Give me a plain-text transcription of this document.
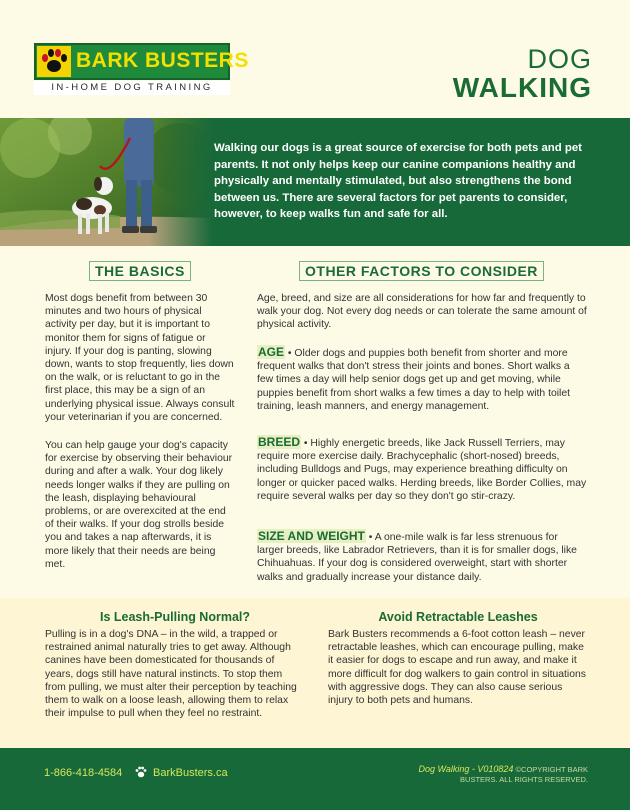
BARK BUSTERS
IN-HOME DOG TRAINING
DOG
WALKING
Walking our dogs is a great source of exercise for both pets and pet parents. It not only helps keep our canine companions healthy and physically and mentally stimulated, but also strengthens the bond between us. There are several factors for pet parents to consider, however, to keep walks fun and safe for all.
THE BASICS
Most dogs benefit from between 30 minutes and two hours of physical activity per day, but it is important to monitor them for signs of fatigue or injury. If your dog is panting, slowing down, wants to stop frequently, lies down on the walk, or is reluctant to go in the first place, this may be a sign of an underlying physical issue. Always consult your veterinarian if you are concerned.
You can help gauge your dog's capacity for exercise by observing their behaviour during and after a walk. Your dog likely needs longer walks if they are pulling on the leash, displaying behavioural problems, or are overexcited at the end of their walks. If your dog strolls beside you and takes a nap afterwards, it is more likely that their needs are being met.
OTHER FACTORS TO CONSIDER
Age, breed, and size are all considerations for how far and frequently to walk your dog. Not every dog needs or can tolerate the same amount of physical activity.
AGE • Older dogs and puppies both benefit from shorter and more frequent walks that don't stress their joints and bones. Short walks a few times a day will help senior dogs get up and get moving, while puppies benefit from short walks a few times a day to help with toilet training, leash manners, and energy management.
BREED • Highly energetic breeds, like Jack Russell Terriers, may require more exercise daily. Brachycephalic (short-nosed) breeds, including Bulldogs and Pugs, may experience breathing difficulty on longer or quicker paced walks. Herding breeds, like Border Collies, may require several walks per day so they don't go stir-crazy.
SIZE AND WEIGHT • A one-mile walk is far less strenuous for larger breeds, like Labrador Retrievers, than it is for smaller dogs, like Chihuahuas. If your dog is considered overweight, start with shorter walks and gradually increase your distance daily.
Is Leash-Pulling Normal?
Pulling is in a dog's DNA – in the wild, a trapped or restrained animal naturally tries to get away. Although canines have been domesticated for thousands of years, dogs still have natural instincts. To stop them from pulling, we must alter their perception by teaching them to walk on a loose leash, allowing them to relax their impulse to pull when they feel no restraint.
Avoid Retractable Leashes
Bark Busters recommends a 6-foot cotton leash – never retractable leashes, which can encourage pulling, make it easier for dogs to escape and run away, and make it more difficult for dog walkers to gain control in situations with aggressive dogs. They can also cause serious injury to both pets and humans.
1-866-418-4584	BarkBusters.ca	Dog Walking - V010824 ©COPYRIGHT BARK BUSTERS. ALL RIGHTS RESERVED.
